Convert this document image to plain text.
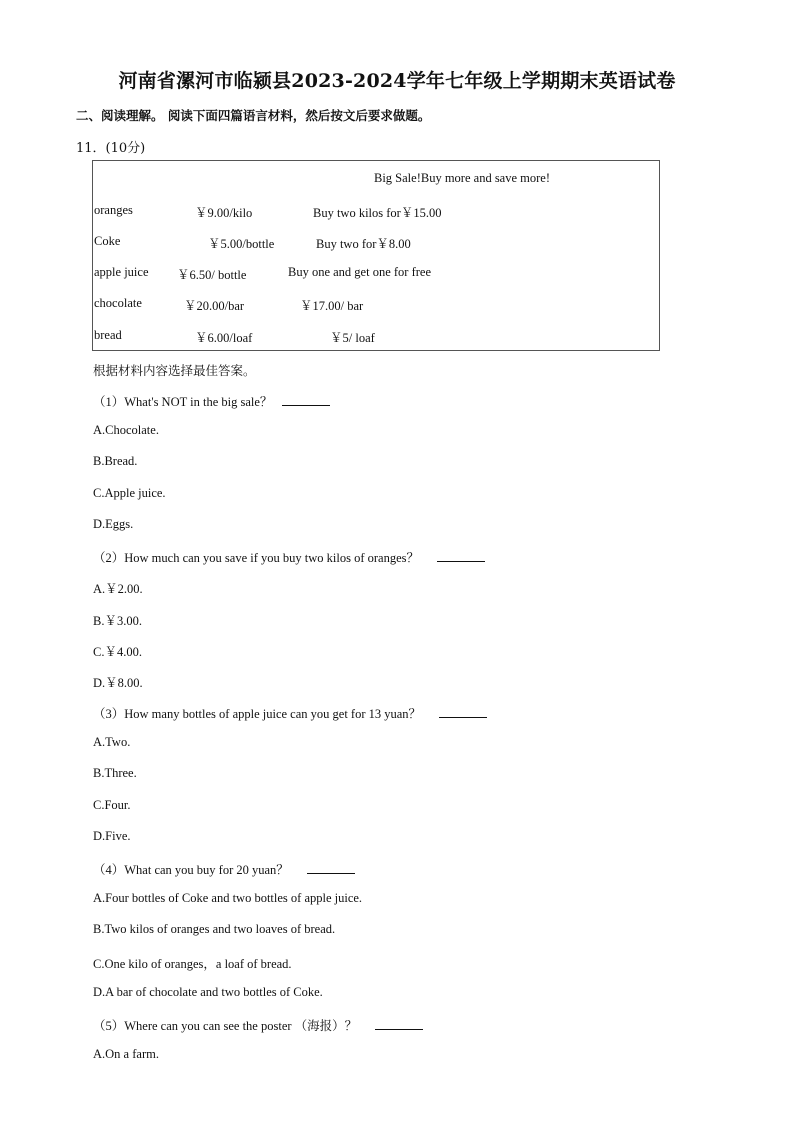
河南省漯河市临颍县2023-2024学年七年级上学期期末英语试卷
二、阅读理解。 阅读下面四篇语言材料，然后按文后要求做题。
11．(10分)
Big Sale!Buy more and save more!
oranges	￥9.00/kilo	Buy two kilos for￥15.00
Coke	￥5.00/bottle	Buy two for￥8.00
apple juice ￥6.50/ bottle	Buy one and get one for free
chocolate	￥20.00/bar	￥17.00/ bar
bread	￥6.00/loaf	￥5/ loaf
根据材料内容选择最佳答案。
（1）What's NOT in the big sale？
A.Chocolate.
B.Bread.
C.Apple juice.
D.Eggs.
（2）How much can you save if you buy two kilos of oranges？
A.￥2.00.
B.￥3.00.
C.￥4.00.
D.￥8.00.
（3）How many bottles of apple juice can you get for 13 yuan？
A.Two.
B.Three.
C.Four.
D.Five.
（4）What can you buy for 20 yuan？
A.Four bottles of Coke and two bottles of apple juice.
B.Two kilos of oranges and two loaves of bread.
C.One kilo of oranges，a loaf of bread.
D.A bar of chocolate and two bottles of Coke.
（5）Where can you can see the poster （海报）？
A.On a farm.
